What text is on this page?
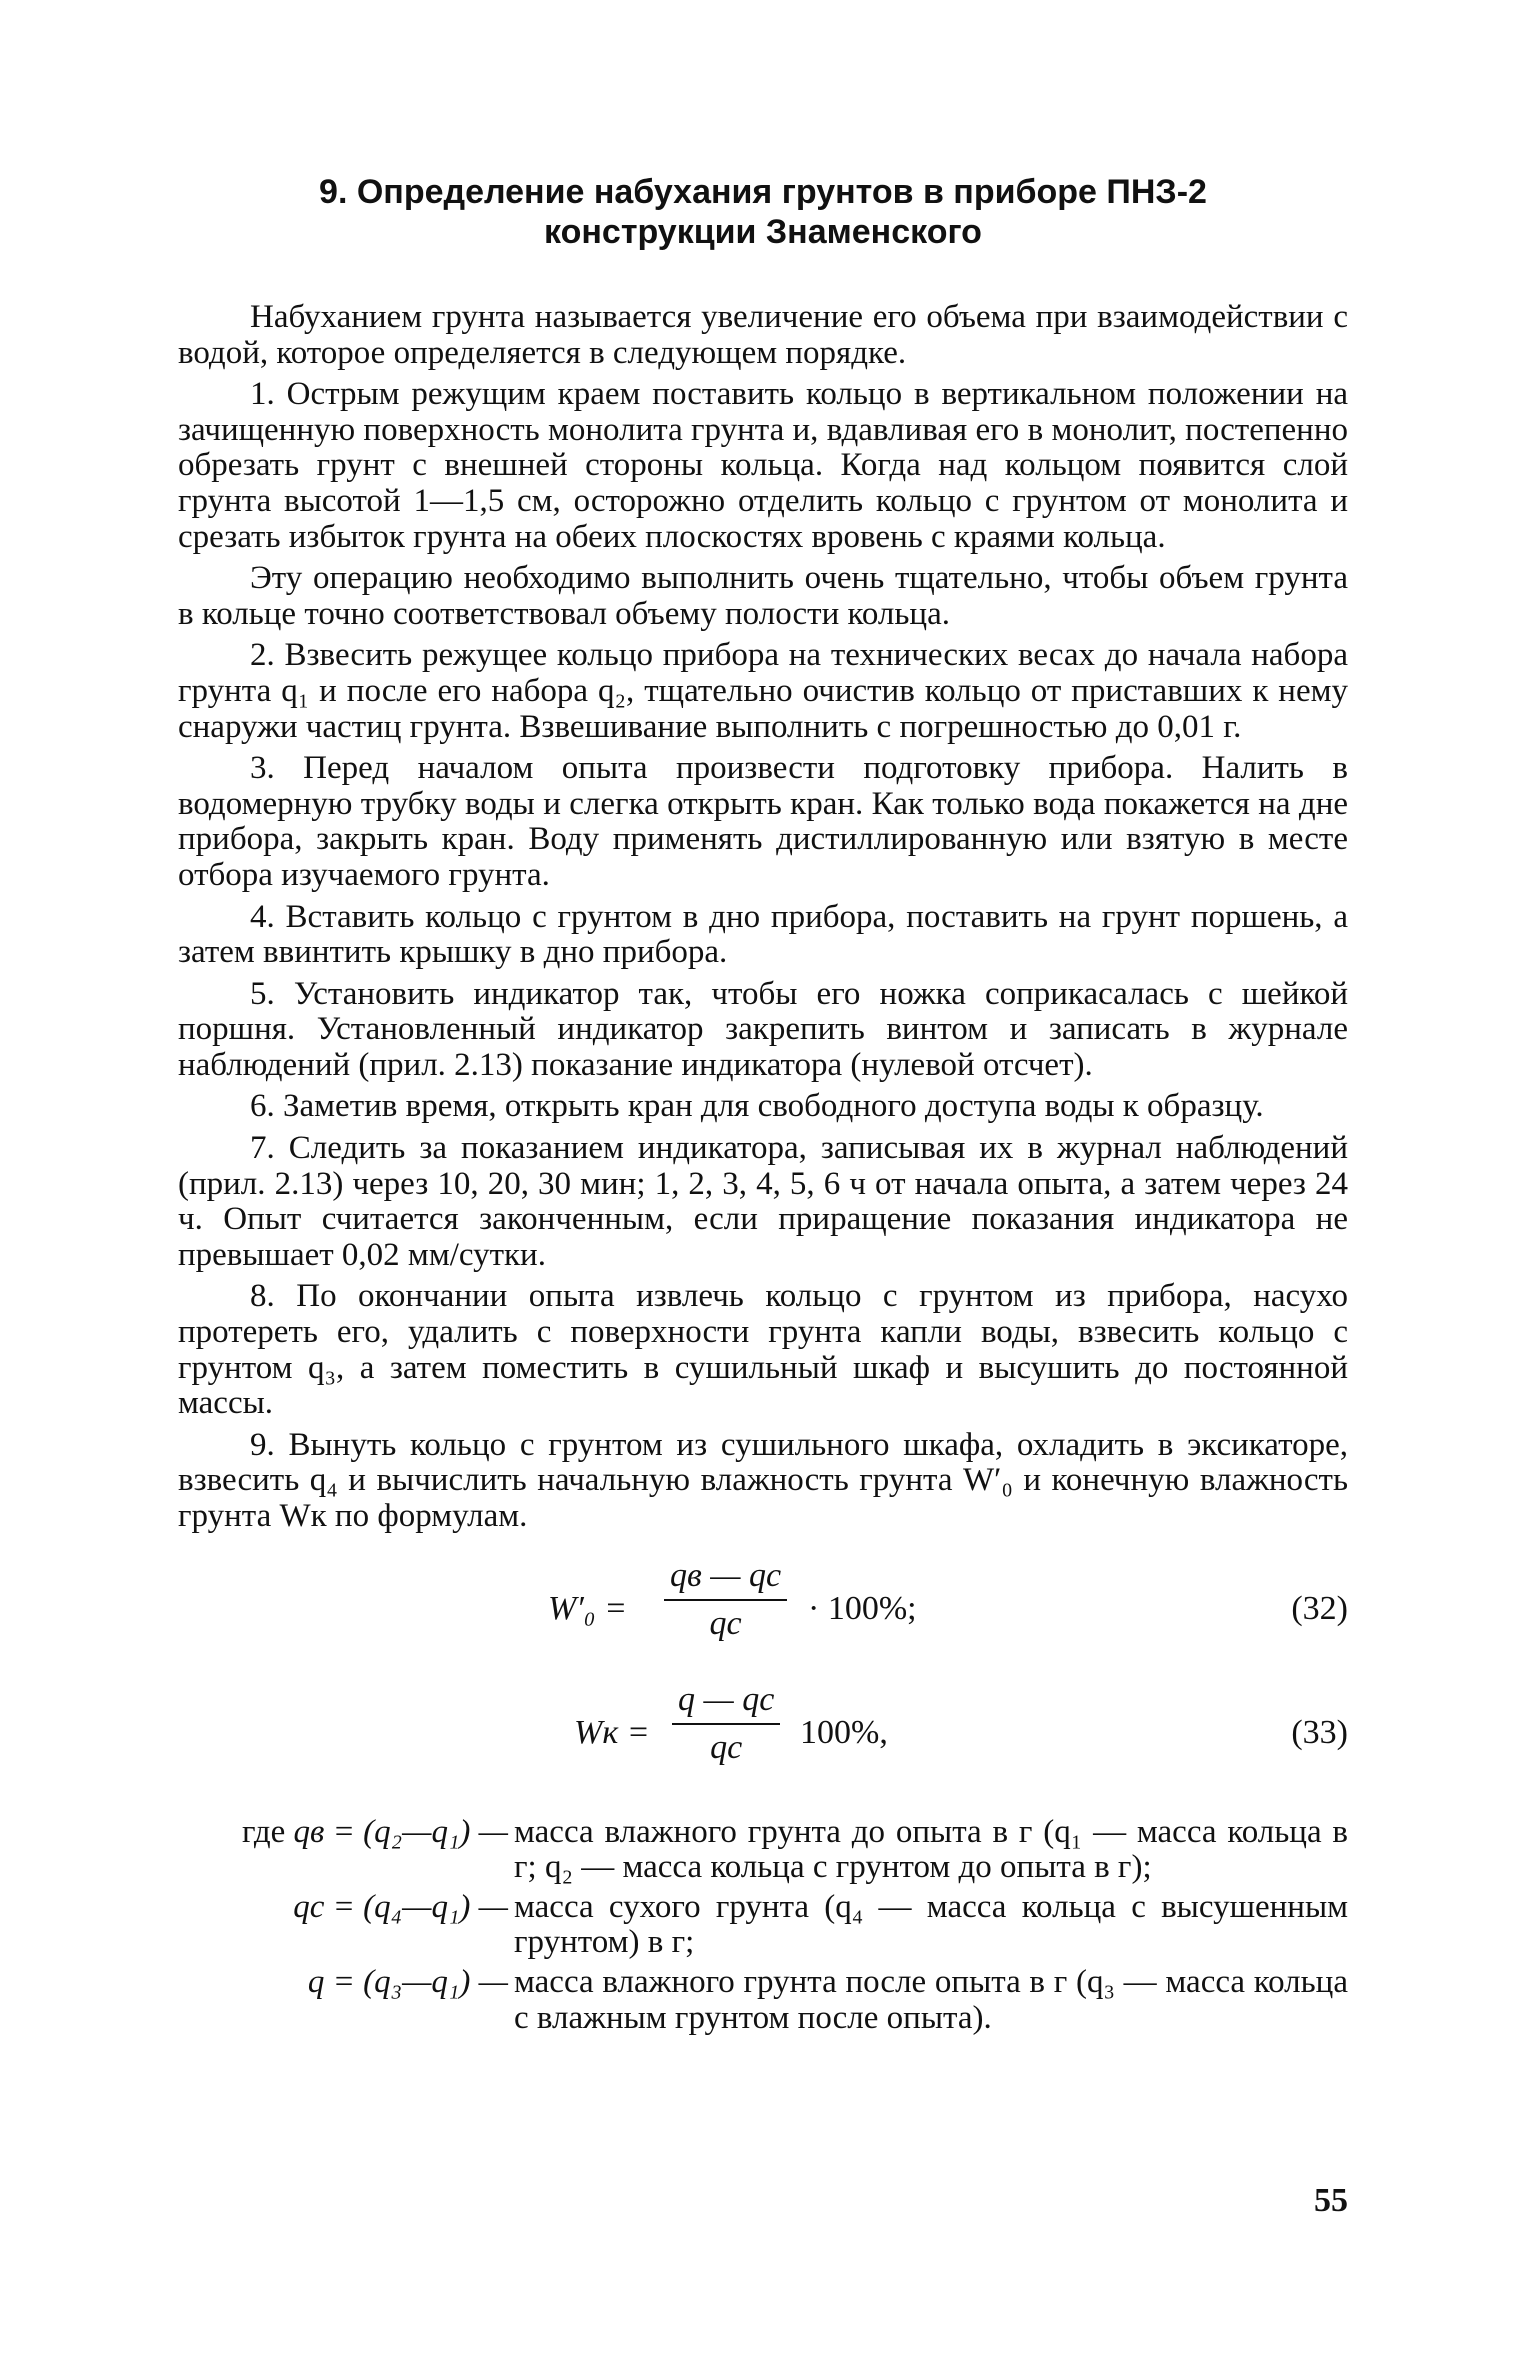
9. Определение набухания грунтов в приборе ПНЗ-2
конструкции Знаменского

Набуханием грунта называется увеличение его объема при взаимодействии с водой, которое определяется в следующем порядке.

1. Острым режущим краем поставить кольцо в вертикальном положении на зачищенную поверхность монолита грунта и, вдавливая его в монолит, постепенно обрезать грунт с внешней стороны кольца. Когда над кольцом появится слой грунта высотой 1—1,5 см, осторожно отделить кольцо с грунтом от монолита и срезать избыток грунта на обеих плоскостях вровень с краями кольца.

Эту операцию необходимо выполнить очень тщательно, чтобы объем грунта в кольце точно соответствовал объему полости кольца.

2. Взвесить режущее кольцо прибора на технических весах до начала набора грунта q₁ и после его набора q₂, тщательно очистив кольцо от приставших к нему снаружи частиц грунта. Взвешивание выполнить с погрешностью до 0,01 г.

3. Перед началом опыта произвести подготовку прибора. Налить в водомерную трубку воды и слегка открыть кран. Как только вода покажется на дне прибора, закрыть кран. Воду применять дистиллированную или взятую в месте отбора изучаемого грунта.

4. Вставить кольцо с грунтом в дно прибора, поставить на грунт поршень, а затем ввинтить крышку в дно прибора.

5. Установить индикатор так, чтобы его ножка соприкасалась с шейкой поршня. Установленный индикатор закрепить винтом и записать в журнале наблюдений (прил. 2.13) показание индикатора (нулевой отсчет).

6. Заметив время, открыть кран для свободного доступа воды к образцу.

7. Следить за показанием индикатора, записывая их в журнал наблюдений (прил. 2.13) через 10, 20, 30 мин; 1, 2, 3, 4, 5, 6 ч от начала опыта, а затем через 24 ч. Опыт считается законченным, если приращение показания индикатора не превышает 0,02 мм/сутки.

8. По окончании опыта извлечь кольцо с грунтом из прибора, насухо протереть его, удалить с поверхности грунта капли воды, взвесить кольцо с грунтом q₃, а затем поместить в сушильный шкаф и высушить до постоянной массы.

9. Вынуть кольцо с грунтом из сушильного шкафа, охладить в эксикаторе, взвесить q₄ и вычислить начальную влажность грунта W′₀ и конечную влажность грунта Wк по формулам.

W′₀ =
qв — qс
qс	· 100%;	(32)
Wк =
q — qс
qс	100%,	(33)
где qв = (q₂—q₁) — масса влажного грунта до опыта в г (q₁ — масса кольца в г; q₂ — масса кольца с грунтом до опыта в г);
qс = (q₄—q₁) — масса сухого грунта (q₄ — масса кольца с высушенным грунтом) в г;
q = (q₃—q₁) — масса влажного грунта после опыта в г (q₃ — масса кольца с влажным грунтом после опыта).
55
